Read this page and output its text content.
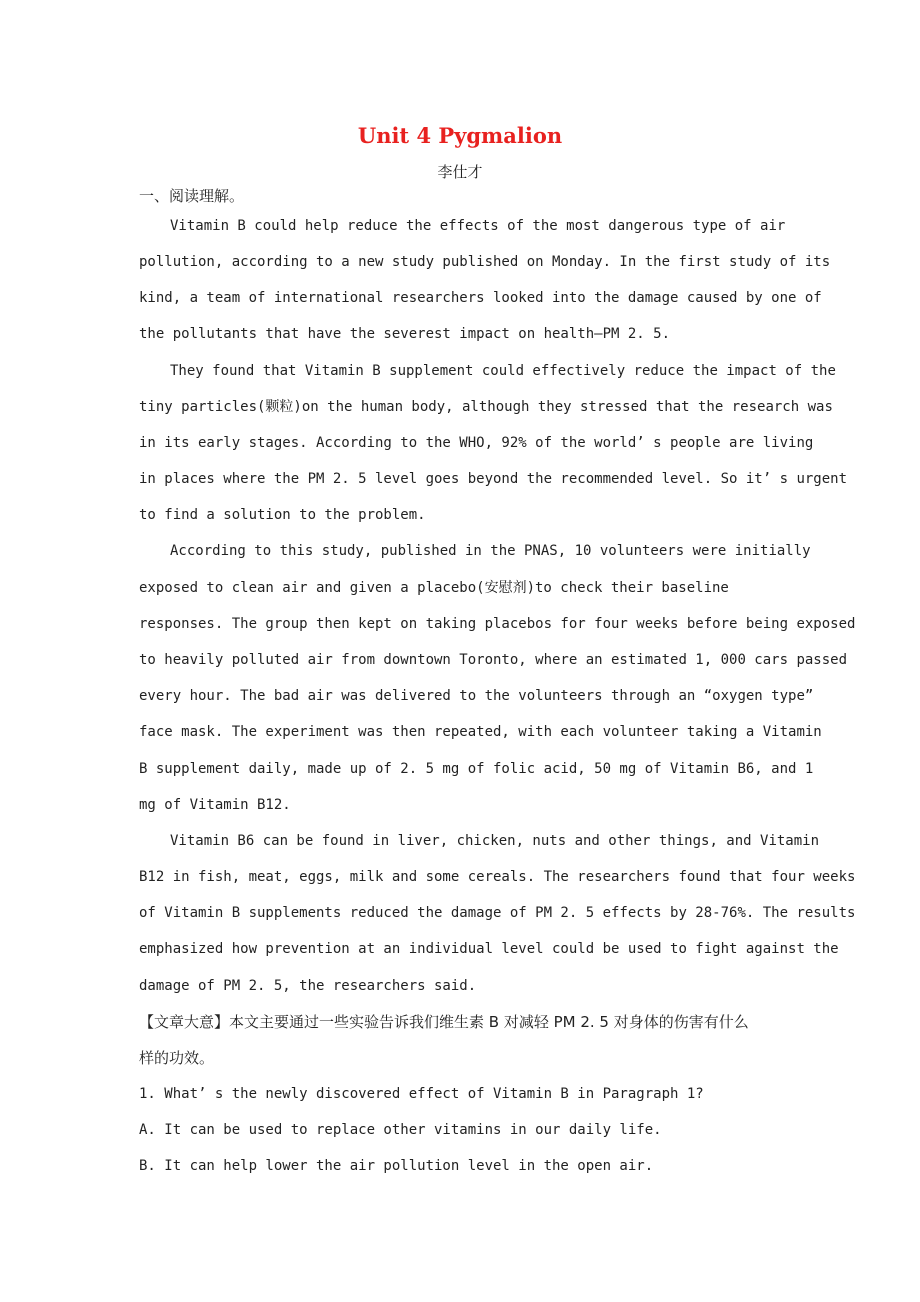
Unit 4 Pygmalion
李仕才
一、阅读理解。
Vitamin B could help reduce the effects of the most dangerous type of air
pollution, according to a new study published on Monday. In the first study of its
kind, a team of international researchers looked into the damage caused by one of
the pollutants that have the severest impact on health—PM 2. 5.
They found that Vitamin B supplement could effectively reduce the impact of the
tiny particles(颗粒)on the human body, although they stressed that the research was
in its early stages. According to the WHO, 92% of the world’ s people are living
in places where the PM 2. 5 level goes beyond the recommended level. So it’ s urgent
to find a solution to the problem.
According to this study, published in the PNAS, 10 volunteers were initially
exposed to clean air and given a placebo(安慰剂)to check their baseline
responses. The group then kept on taking placebos for four weeks before being exposed
to heavily polluted air from downtown Toronto, where an estimated 1, 000 cars passed
every hour. The bad air was delivered to the volunteers through an “oxygen type”
face mask. The experiment was then repeated, with each volunteer taking a Vitamin
B supplement daily, made up of 2. 5 mg of folic acid, 50 mg of Vitamin B6, and 1
mg of Vitamin B12.
Vitamin B6 can be found in liver, chicken, nuts and other things, and Vitamin
B12 in fish, meat, eggs, milk and some cereals. The researchers found that four weeks
of Vitamin B supplements reduced the damage of PM 2. 5 effects by 28-76%. The results
emphasized how prevention at an individual level could be used to fight against the
damage of PM 2. 5, the researchers said.
【文章大意】本文主要通过一些实验告诉我们维生素 B 对减轻 PM 2. 5 对身体的伤害有什么
样的功效。
1. What’ s the newly discovered effect of Vitamin B in Paragraph 1?
A. It can be used to replace other vitamins in our daily life.
B. It can help lower the air pollution level in the open air.
